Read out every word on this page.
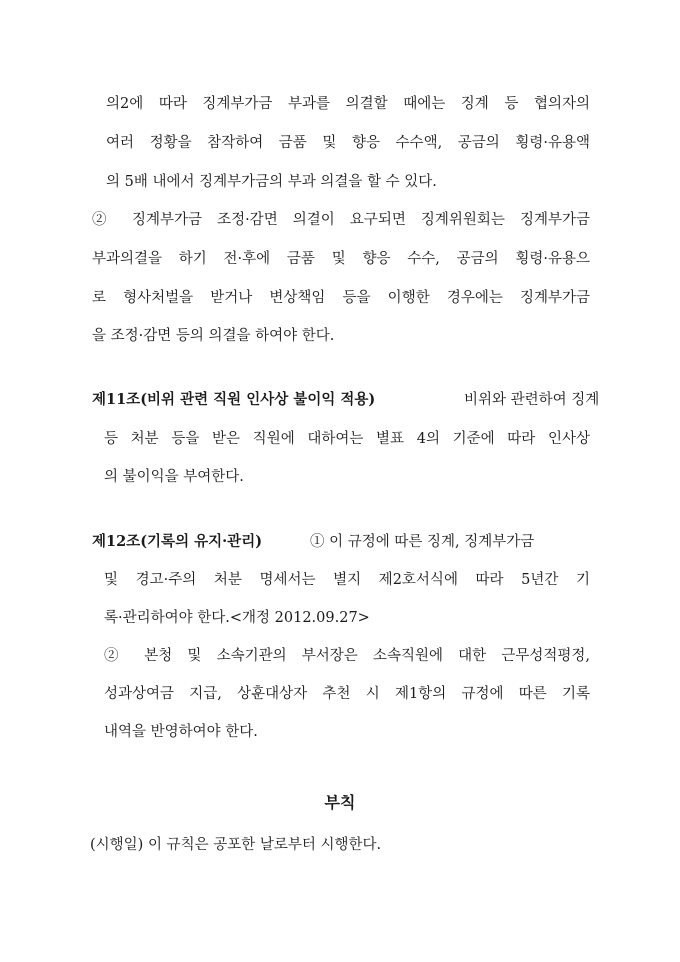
의2에 따라 징계부가금 부과를 의결할 때에는 징계 등 협의자의
여러 정황을 참작하여 금품 및 향응 수수액, 공금의 횡령·유용액
의 5배 내에서 징계부가금의 부과 의결을 할 수 있다.
② 징계부가금 조정·감면 의결이 요구되면 징계위원회는 징계부가금
부과의결을 하기 전·후에 금품 및 향응 수수, 공금의 횡령·유용으
로 형사처벌을 받거나 변상책임 등을 이행한 경우에는 징계부가금
을 조정·감면 등의 의결을 하여야 한다.
제11조(비위 관련 직원 인사상 불이익 적용)	비위와 관련하여 징계
등 처분 등을 받은 직원에 대하여는 별표 4의 기준에 따라 인사상
의 불이익을 부여한다.
제12조(기록의 유지·관리)	① 이 규정에 따른 징계, 징계부가금
및 경고·주의 처분 명세서는 별지 제2호서식에 따라 5년간 기
록·관리하여야 한다.<개정 2012.09.27>
② 본청 및 소속기관의 부서장은 소속직원에 대한 근무성적평정,
성과상여금 지급, 상훈대상자 추천 시 제1항의 규정에 따른 기록
내역을 반영하여야 한다.
부칙
(시행일) 이 규칙은 공포한 날로부터 시행한다.
